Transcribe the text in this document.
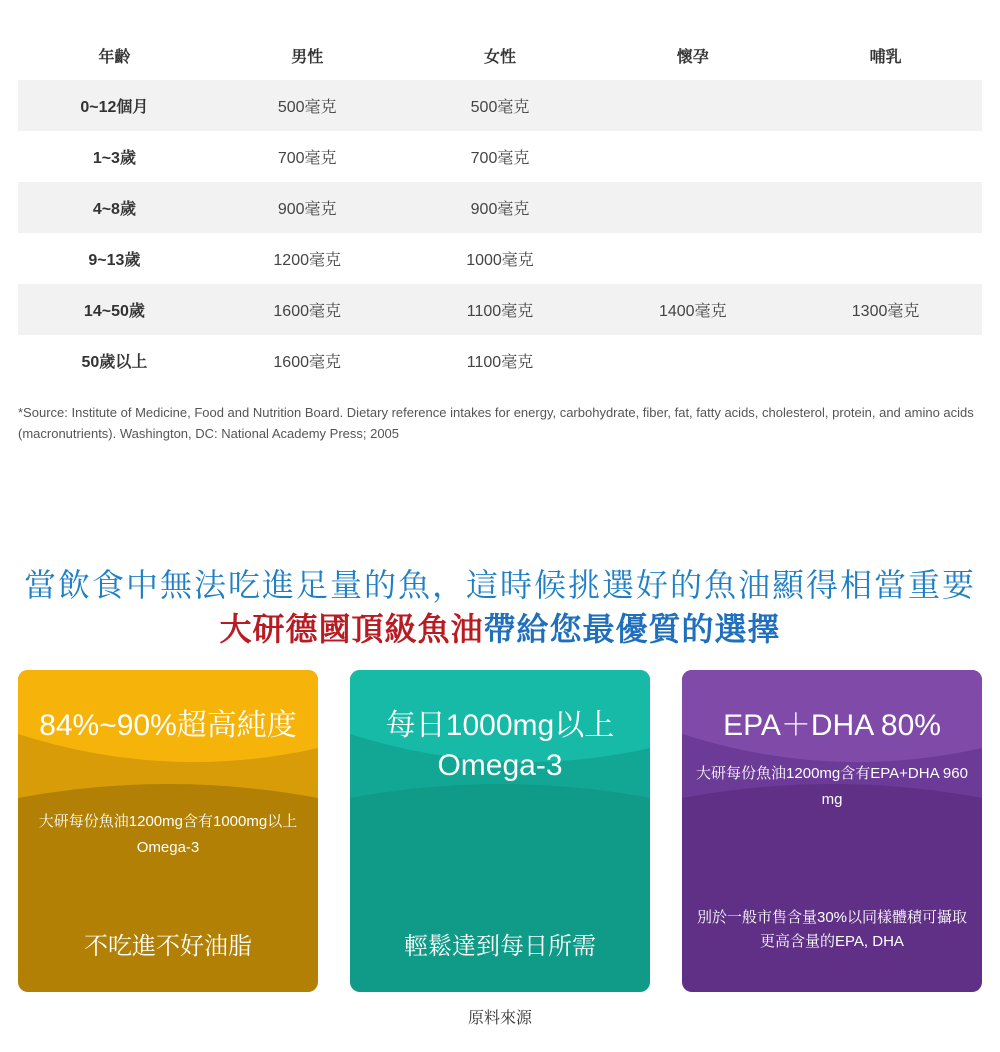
年齡	男性	女性	懷孕	哺乳
0~12個月	500毫克	500毫克		
1~3歲	700毫克	700毫克		
4~8歲	900毫克	900毫克		
9~13歲	1200毫克	1000毫克		
14~50歲	1600毫克	1100毫克	1400毫克	1300毫克
50歲以上	1600毫克	1100毫克		

*Source: Institute of Medicine, Food and Nutrition Board. Dietary reference intakes for energy, carbohydrate, fiber, fat, fatty acids, cholesterol, protein, and amino acids (macronutrients). Washington, DC: National Academy Press; 2005

當飲食中無法吃進足量的魚，這時候挑選好的魚油顯得相當重要
大研德國頂級魚油帶給您最優質的選擇
84%~90%超高純度
大研每份魚油1200mg含有1000mg以上Omega-3
不吃進不好油脂
每日1000mg以上Omega-3
輕鬆達到每日所需
EPA＋DHA 80%
大研每份魚油1200mg含有EPA+DHA 960 mg
別於一般市售含量30%以同樣體積可攝取更高含量的EPA, DHA
原料來源
